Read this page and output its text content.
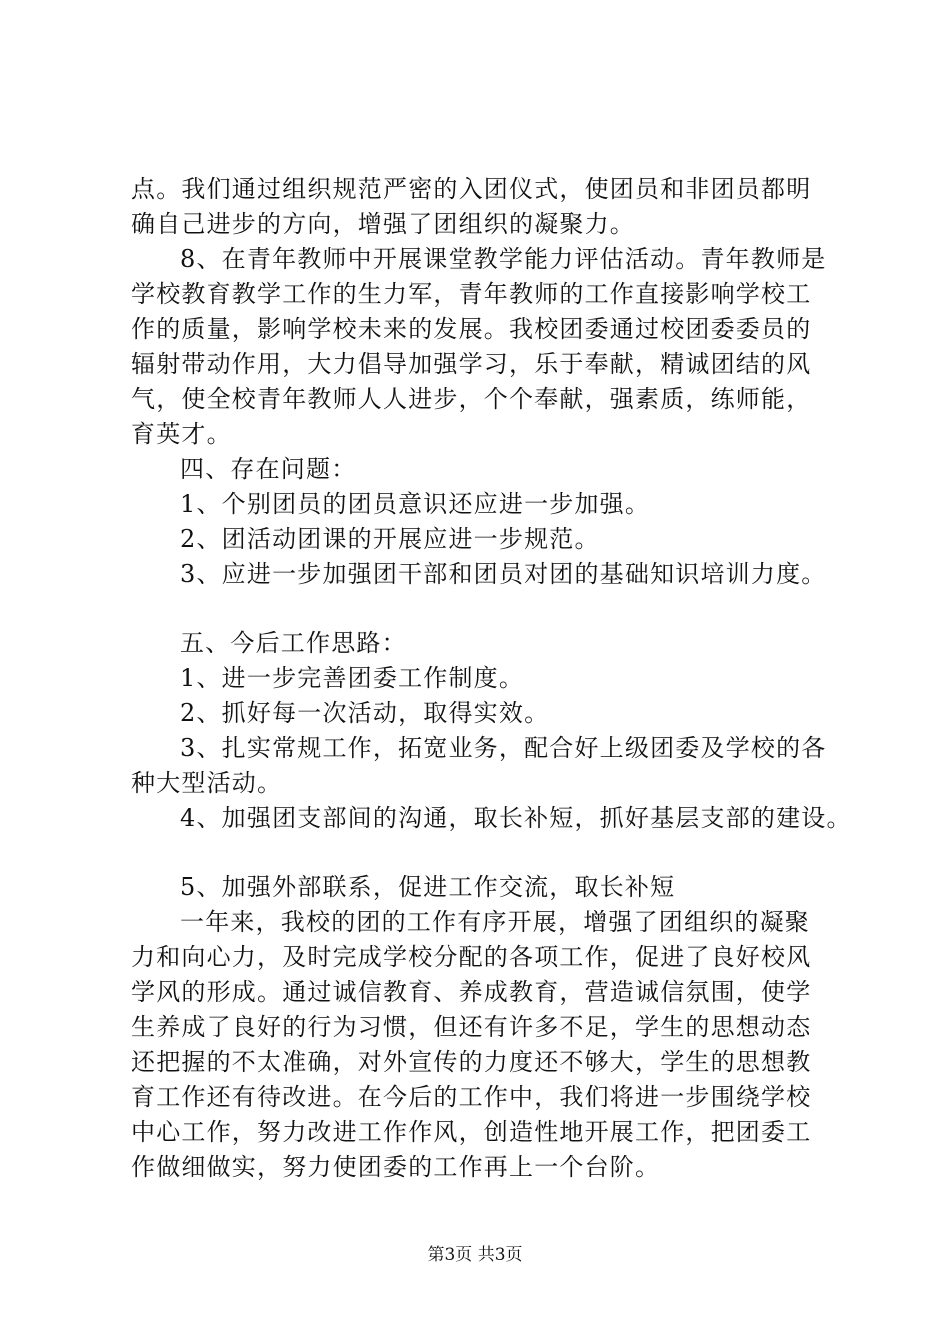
点。我们通过组织规范严密的入团仪式，使团员和非团员都明
确自己进步的方向，增强了团组织的凝聚力。
8、在青年教师中开展课堂教学能力评估活动。青年教师是
学校教育教学工作的生力军，青年教师的工作直接影响学校工
作的质量，影响学校未来的发展。我校团委通过校团委委员的
辐射带动作用，大力倡导加强学习，乐于奉献，精诚团结的风
气，使全校青年教师人人进步，个个奉献，强素质，练师能，
育英才。
四、存在问题：
1、个别团员的团员意识还应进一步加强。
2、团活动团课的开展应进一步规范。
3、应进一步加强团干部和团员对团的基础知识培训力度。
五、今后工作思路：
1、进一步完善团委工作制度。
2、抓好每一次活动，取得实效。
3、扎实常规工作，拓宽业务，配合好上级团委及学校的各
种大型活动。
4、加强团支部间的沟通，取长补短，抓好基层支部的建设。
5、加强外部联系，促进工作交流，取长补短
一年来，我校的团的工作有序开展，增强了团组织的凝聚
力和向心力，及时完成学校分配的各项工作，促进了良好校风
学风的形成。通过诚信教育、养成教育，营造诚信氛围，使学
生养成了良好的行为习惯，但还有许多不足，学生的思想动态
还把握的不太准确，对外宣传的力度还不够大，学生的思想教
育工作还有待改进。在今后的工作中，我们将进一步围绕学校
中心工作，努力改进工作作风，创造性地开展工作，把团委工
作做细做实，努力使团委的工作再上一个台阶。
第3页 共3页
